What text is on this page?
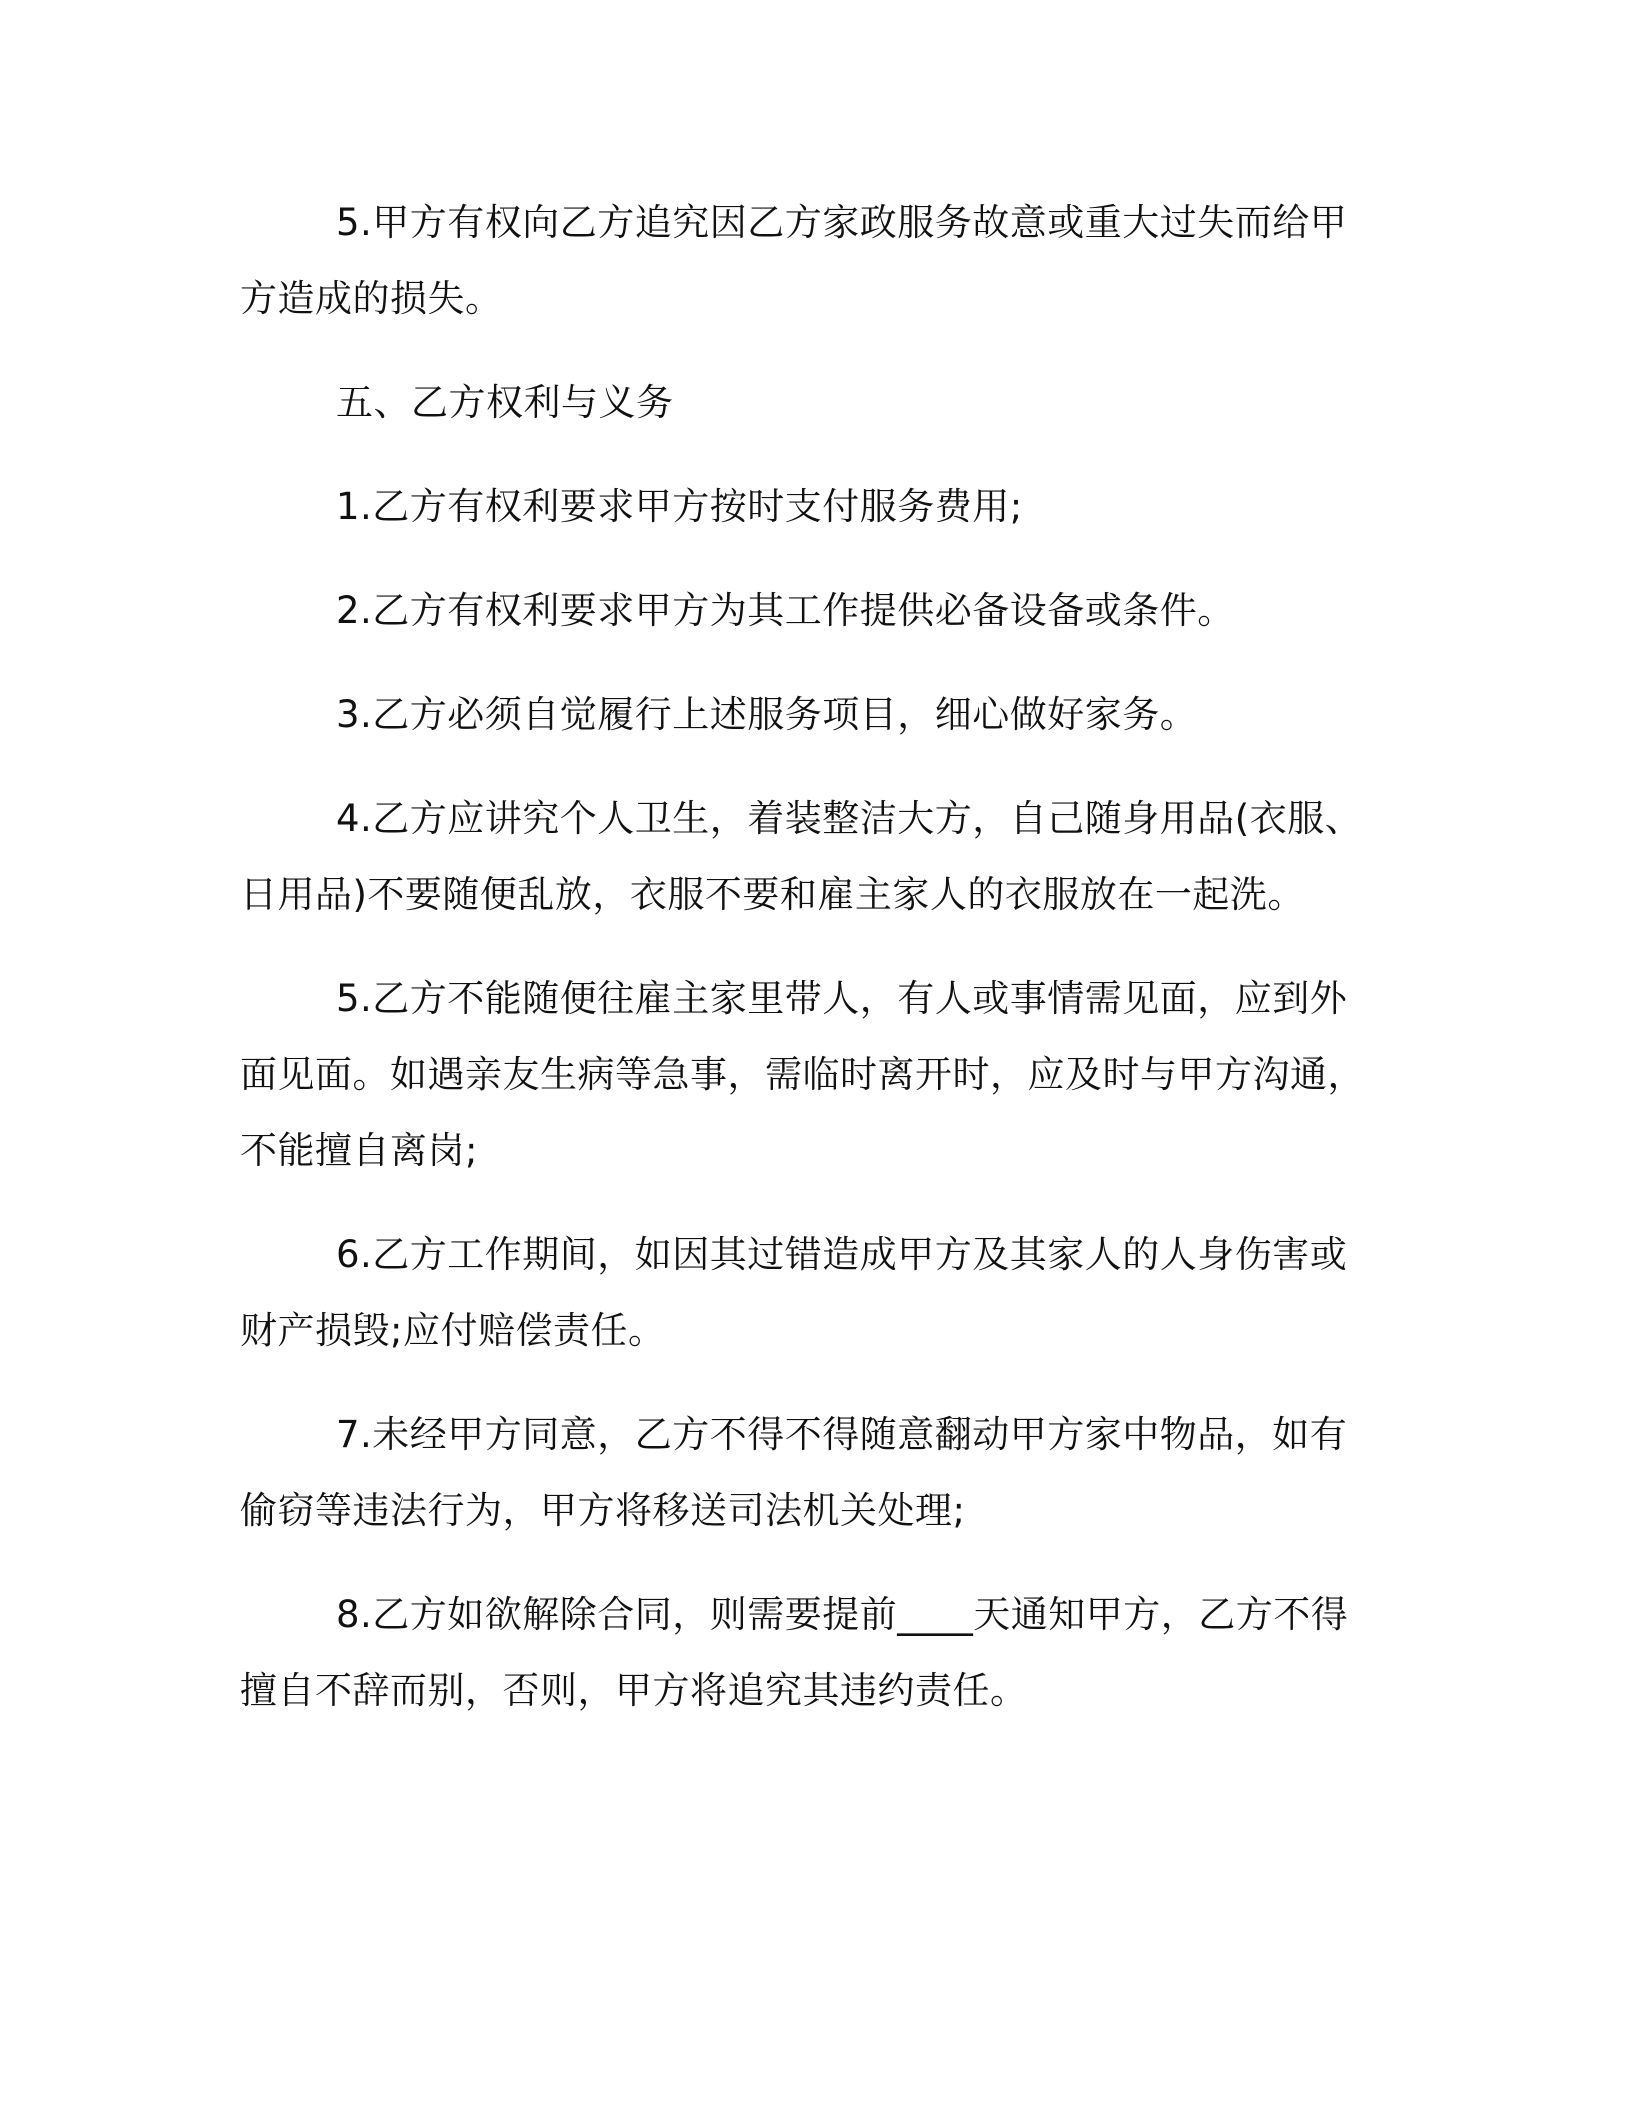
5.甲方有权向乙方追究因乙方家政服务故意或重大过失而给甲方造成的损失。

五、乙方权利与义务

1.乙方有权利要求甲方按时支付服务费用;

2.乙方有权利要求甲方为其工作提供必备设备或条件。

3.乙方必须自觉履行上述服务项目，细心做好家务。

4.乙方应讲究个人卫生，着装整洁大方，自己随身用品(衣服、日用品)不要随便乱放，衣服不要和雇主家人的衣服放在一起洗。

5.乙方不能随便往雇主家里带人，有人或事情需见面，应到外面见面。如遇亲友生病等急事，需临时离开时，应及时与甲方沟通，不能擅自离岗;

6.乙方工作期间，如因其过错造成甲方及其家人的人身伤害或财产损毁;应付赔偿责任。

7.未经甲方同意，乙方不得不得随意翻动甲方家中物品，如有偷窃等违法行为，甲方将移送司法机关处理;

8.乙方如欲解除合同，则需要提前____天通知甲方，乙方不得擅自不辞而别，否则，甲方将追究其违约责任。
